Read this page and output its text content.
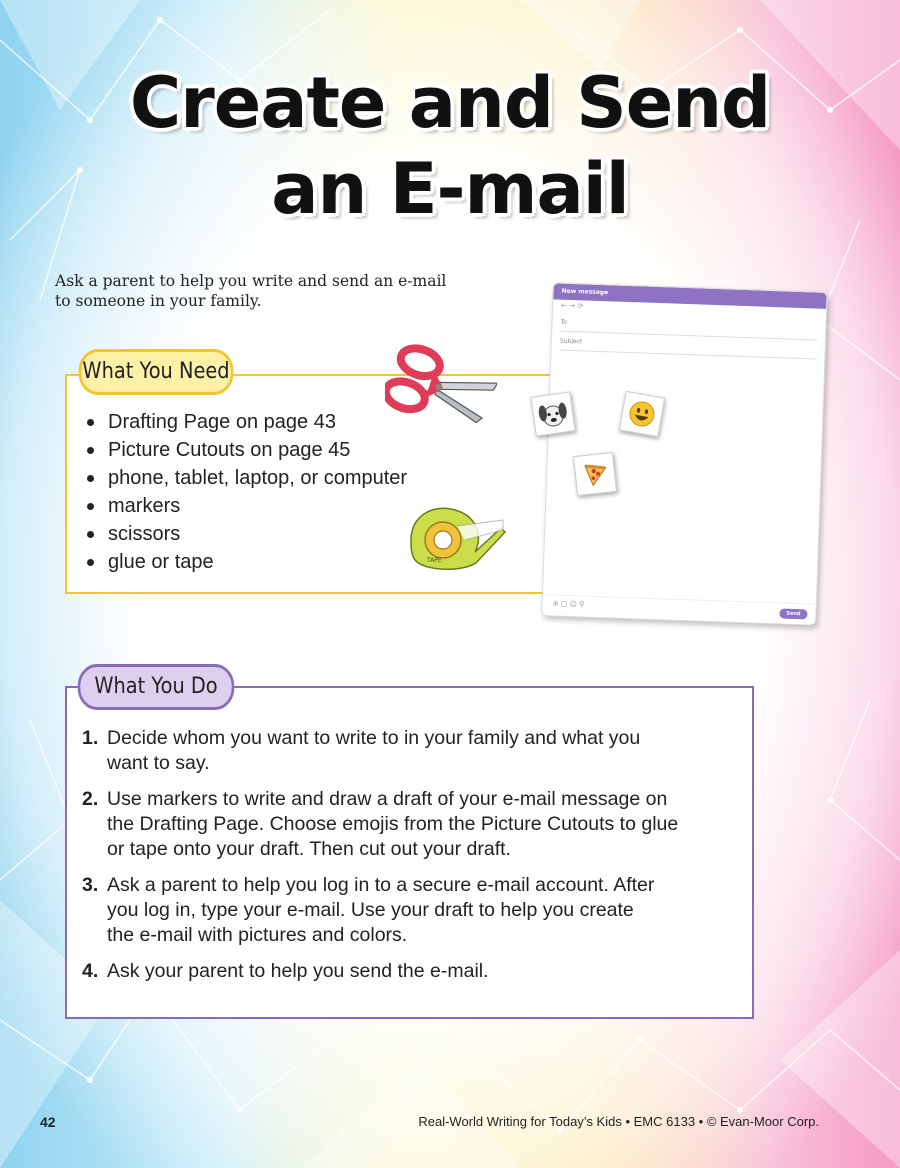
Create and Send
an E-mail
Ask a parent to help you write and send an e-mail
to someone in your family.
What You Need
Drafting Page on page 43
Picture Cutouts on page 45
phone, tablet, laptop, or computer
markers
scissors
glue or tape	TAPE
New message
← → ⟳
To
Subject
⊕ □ ☺ ⚲
Send
What You Do
1. Decide whom you want to write to in your family and what you
want to say.
2. Use markers to write and draw a draft of your e-mail message on
the Drafting Page. Choose emojis from the Picture Cutouts to glue
or tape onto your draft. Then cut out your draft.
3. Ask a parent to help you log in to a secure e-mail account. After
you log in, type your e-mail. Use your draft to help you create
the e-mail with pictures and colors.
4. Ask your parent to help you send the e-mail.
42	Real-World Writing for Today’s Kids • EMC 6133 • © Evan-Moor Corp.
